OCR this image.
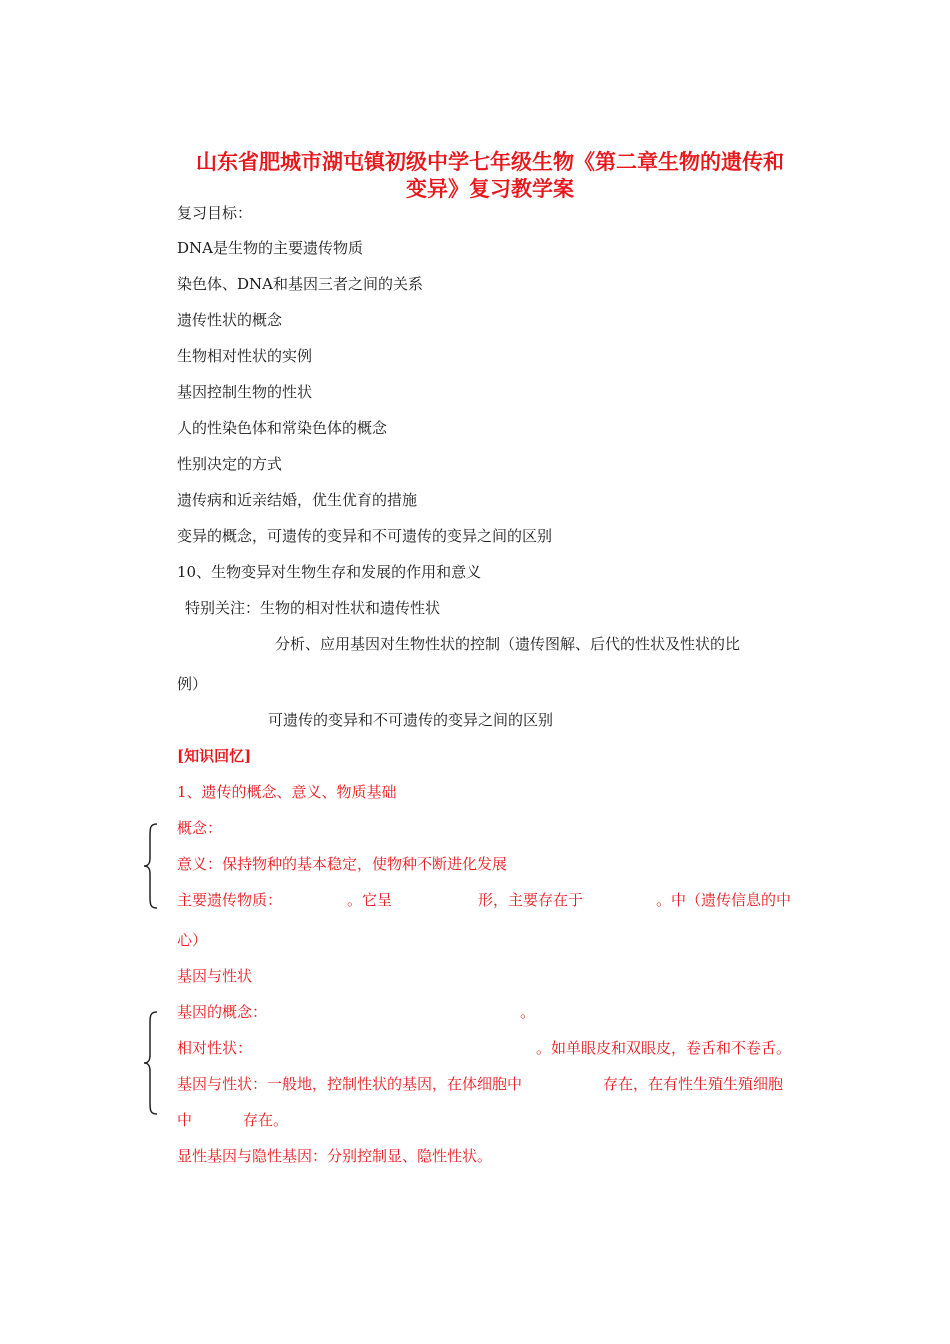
山东省肥城市湖屯镇初级中学七年级生物《第二章生物的遗传和
变异》复习教学案

复习目标：

DNA是生物的主要遗传物质

染色体、DNA和基因三者之间的关系

遗传性状的概念

生物相对性状的实例

基因控制生物的性状

人的性染色体和常染色体的概念

性别决定的方式

遗传病和近亲结婚，优生优育的措施

变异的概念，可遗传的变异和不可遗传的变异之间的区别

10、生物变异对生物生存和发展的作用和意义

特别关注：生物的相对性状和遗传性状

分析、应用基因对生物性状的控制（遗传图解、后代的性状及性状的比

例）

可遗传的变异和不可遗传的变异之间的区别

[知识回忆]

1、遗传的概念、意义、物质基础

概念：

意义：保持物种的基本稳定，使物种不断进化发展

主要遗传物质：	。它呈	形，主要存在于	。中（遗传信息的中

心）

基因与性状

基因的概念：	。

相对性状：	。如单眼皮和双眼皮，卷舌和不卷舌。

基因与性状：一般地，控制性状的基因，在体细胞中	存在，在有性生殖生殖细胞

中	存在。

显性基因与隐性基因：分别控制显、隐性性状。
